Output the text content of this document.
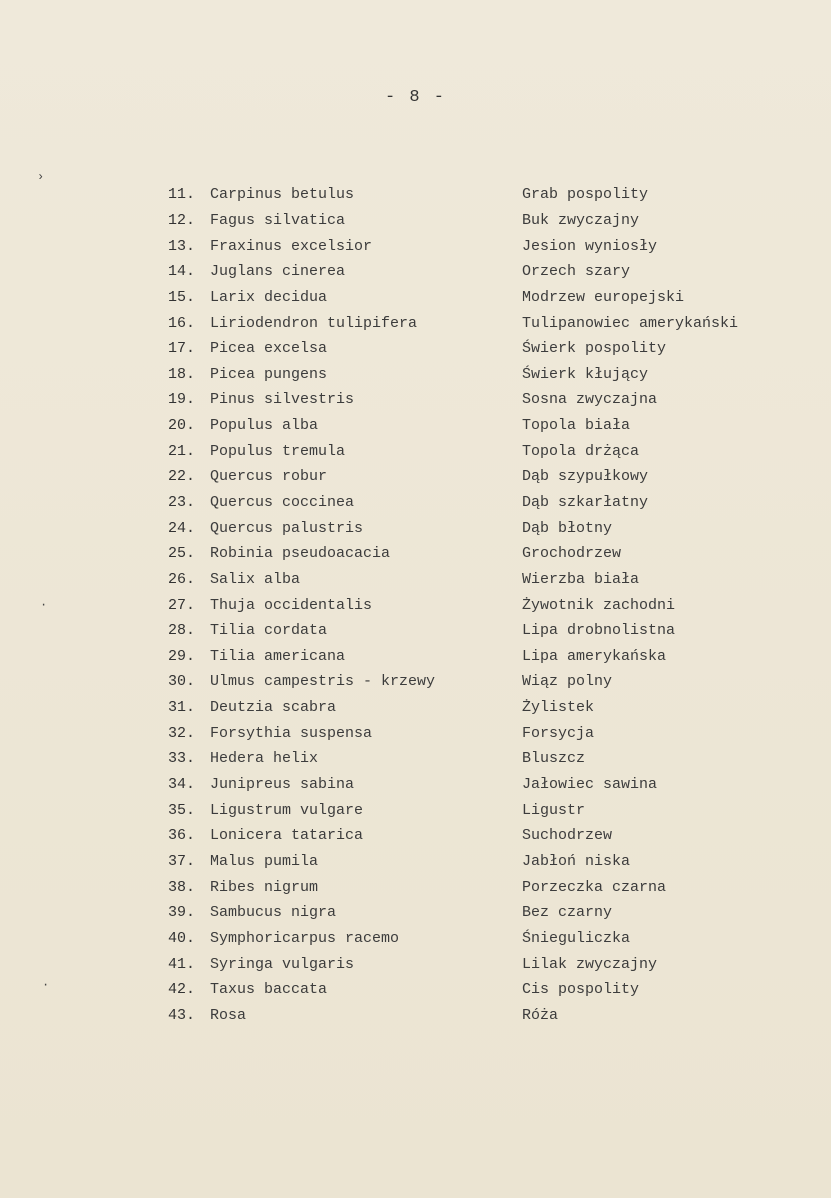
- 8 -
›
·
·
11. Carpinus betulus	Grab pospolity
12. Fagus silvatica	Buk zwyczajny
13. Fraxinus excelsior	Jesion wyniosły
14. Juglans cinerea	Orzech szary
15. Larix decidua	Modrzew europejski
16. Liriodendron tulipifera	Tulipanowiec amerykański
17. Picea excelsa	Świerk pospolity
18. Picea pungens	Świerk kłujący
19. Pinus silvestris	Sosna zwyczajna
20. Populus alba	Topola biała
21. Populus tremula	Topola drżąca
22. Quercus robur	Dąb szypułkowy
23. Quercus coccinea	Dąb szkarłatny
24. Quercus palustris	Dąb błotny
25. Robinia pseudoacacia	Grochodrzew
26. Salix alba	Wierzba biała
27. Thuja occidentalis	Żywotnik zachodni
28. Tilia cordata	Lipa drobnolistna
29. Tilia americana	Lipa amerykańska
30. Ulmus campestris - krzewy	Wiąz polny
31. Deutzia scabra	Żylistek
32. Forsythia suspensa	Forsycja
33. Hedera helix	Bluszcz
34. Junipreus sabina	Jałowiec sawina
35. Ligustrum vulgare	Ligustr
36. Lonicera tatarica	Suchodrzew
37. Malus pumila	Jabłoń niska
38. Ribes nigrum	Porzeczka czarna
39. Sambucus nigra	Bez czarny
40. Symphoricarpus racemo	Śnieguliczka
41. Syringa vulgaris	Lilak zwyczajny
42. Taxus baccata	Cis pospolity
43. Rosa	Róża
